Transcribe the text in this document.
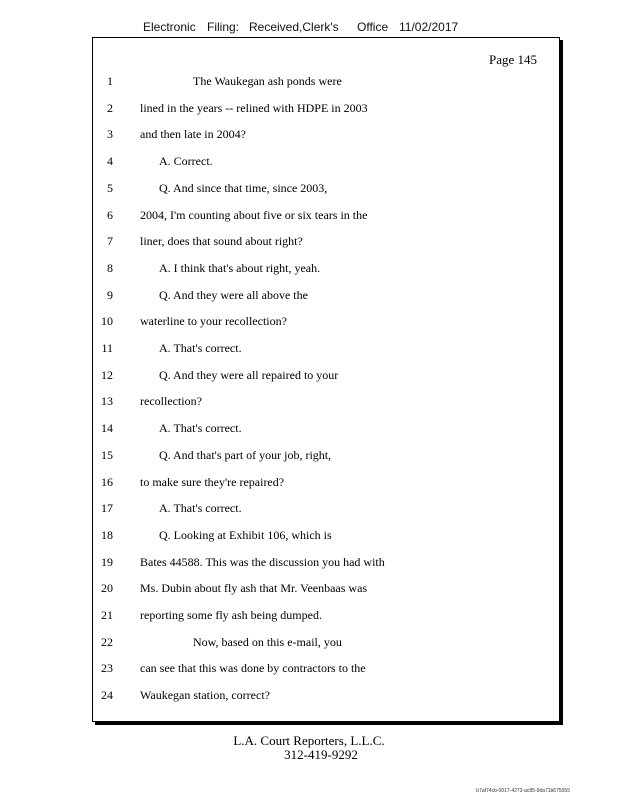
Electronic Filing: Received,Clerk's Office 11/02/2017
Page 145
1	The Waukegan ash ponds were
2 lined in the years -- relined with HDPE in 2003
3 and then late in 2004?
4	A. Correct.
5	Q. And since that time, since 2003,
6 2004, I'm counting about five or six tears in the
7 liner, does that sound about right?
8	A. I think that's about right, yeah.
9	Q. And they were all above the
10 waterline to your recollection?
11	A. That's correct.
12	Q. And they were all repaired to your
13 recollection?
14	A. That's correct.
15	Q. And that's part of your job, right,
16 to make sure they're repaired?
17	A. That's correct.
18	Q. Looking at Exhibit 106, which is
19 Bates 44588. This was the discussion you had with
20 Ms. Dubin about fly ash that Mr. Veenbaas was
21 reporting some fly ash being dumped.
22	Now, based on this e-mail, you
23 can see that this was done by contractors to the
24 Waukegan station, correct?
L.A. Court Reporters, L.L.C.
312-419-9292
b7af74cb-0017-4273-ac85-9da71b675055
